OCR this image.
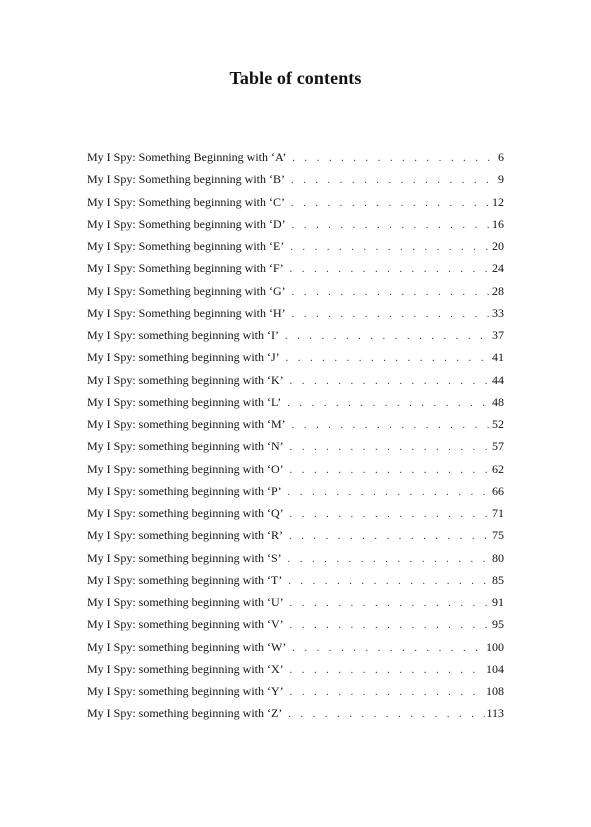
Table of contents
My I Spy: Something Beginning with ‘A’ . . .	6
My I Spy: Something beginning with ‘B’ . . .	9
My I Spy: Something beginning with ‘C’ . . .	12
My I Spy: Something beginning with ‘D’ . . .	16
My I Spy: Something beginning with ‘E’ . . .	20
My I Spy: Something beginning with ‘F’ . . .	24
My I Spy: Something beginning with ‘G’ . . .	28
My I Spy: Something beginning with ‘H’ . . .	33
My I Spy: something beginning with ‘I’ . . .	37
My I Spy: something beginning with ‘J’ . . .	41
My I Spy: something beginning with ‘K’ . . .	44
My I Spy: something beginning with ‘L’ . . .	48
My I Spy: something beginning with ‘M’ . . .	52
My I Spy: something beginning with ‘N’ . . .	57
My I Spy: something beginning with ‘O’ . . .	62
My I Spy: something beginning with ‘P’ . . .	66
My I Spy: something beginning with ‘Q’ . . .	71
My I Spy: something beginning with ‘R’ . . .	75
My I Spy: something beginning with ‘S’ . . .	80
My I Spy: something beginning with ‘T’ . . .	85
My I Spy: something beginning with ‘U’ . . .	91
My I Spy: something beginning with ‘V’ . . .	95
My I Spy: something beginning with ‘W’ . . .	100
My I Spy: something beginning with ‘X’ . . .	104
My I Spy: something beginning with ‘Y’ . . .	108
My I Spy: something beginning with ‘Z’ . . .	113
